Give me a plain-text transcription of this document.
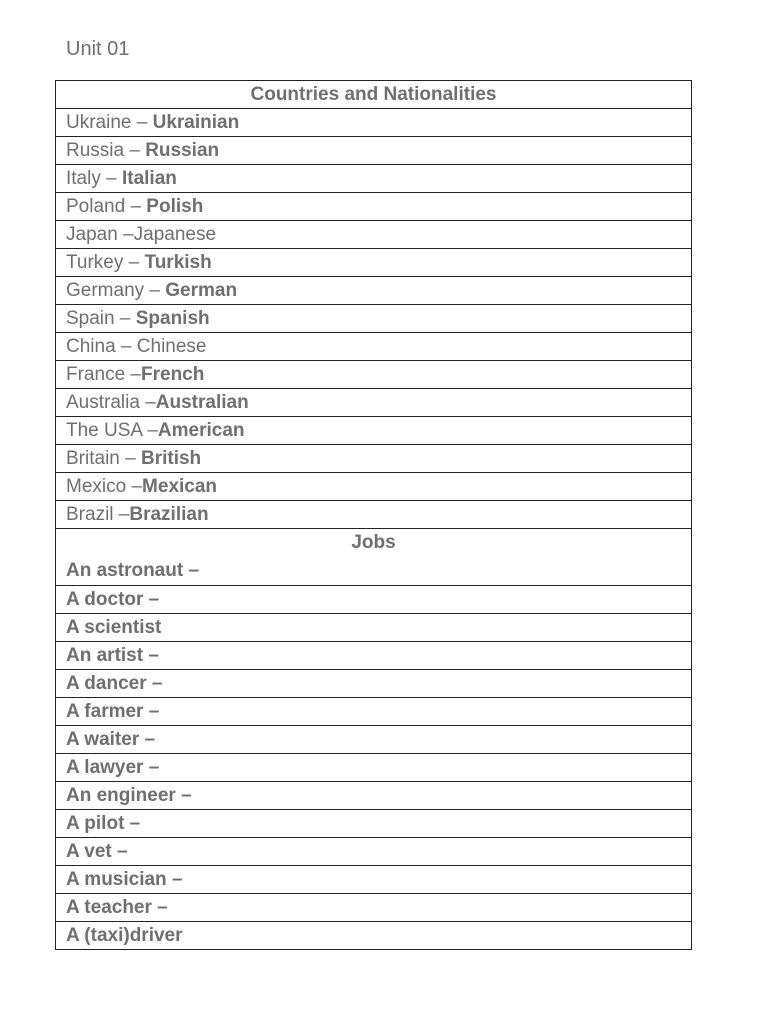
Unit 01
Countries and Nationalities
Ukraine – Ukrainian
Russia – Russian
Italy – Italian
Poland – Polish
Japan –Japanese
Turkey – Turkish
Germany – German
Spain – Spanish
China – Chinese
France –French
Australia –Australian
The USA –American
Britain – British
Mexico –Mexican
Brazil –Brazilian

Jobs
An astronaut –

A doctor –
A scientist
An artist –
A dancer –
A farmer –
A waiter –
A lawyer –
An engineer –
A pilot –
A vet –
A musician –
A teacher –
A (taxi)driver
